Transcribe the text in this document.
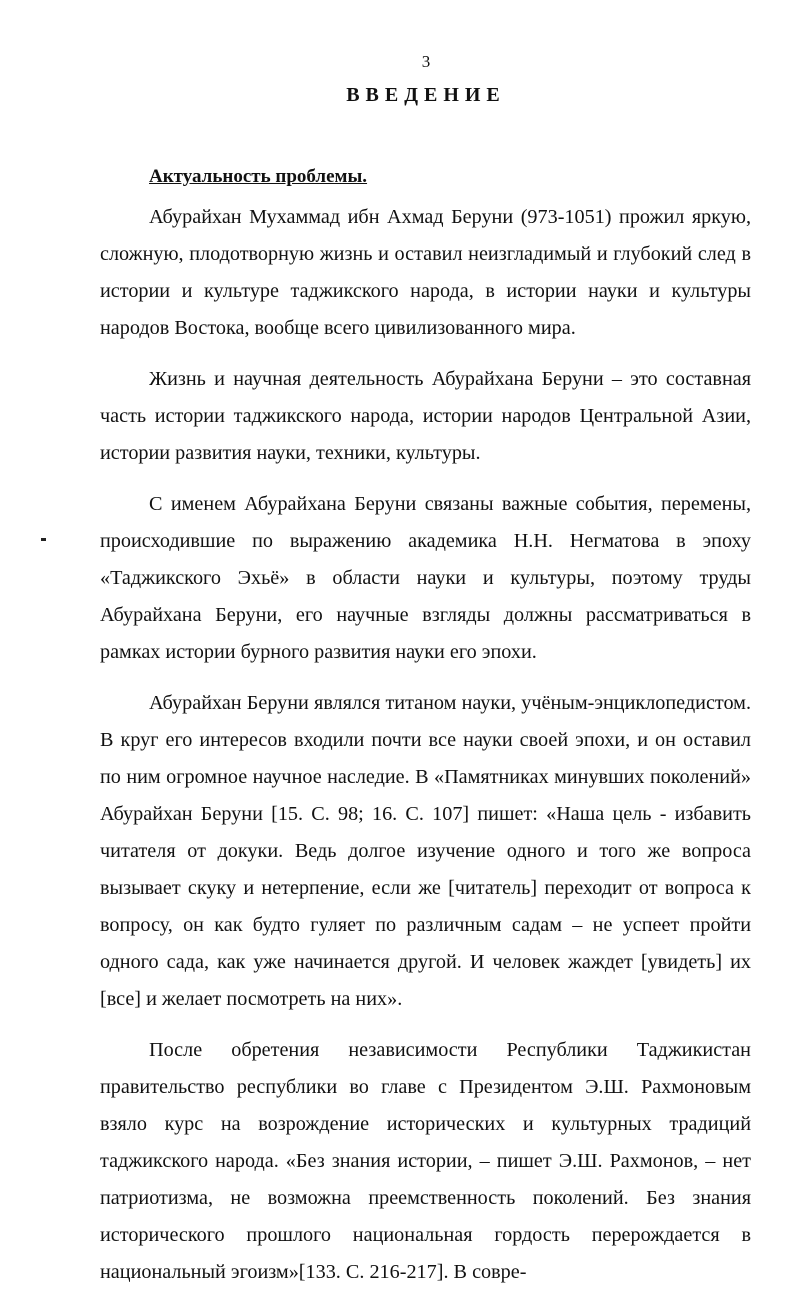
3
ВВЕДЕНИЕ
Актуальность проблемы.

Абурайхан Мухаммад ибн Ахмад Беруни (973-1051) прожил яркую, сложную, плодотворную жизнь и оставил неизгладимый и глубокий след в истории и культуре таджикского народа, в истории науки и культуры народов Востока, вообще всего цивилизованного мира.

Жизнь и научная деятельность Абурайхана Беруни – это составная часть истории таджикского народа, истории народов Центральной Азии, истории развития науки, техники, культуры.

С именем Абурайхана Беруни связаны важные события, перемены, происходившие по выражению академика Н.Н. Негматова в эпоху «Таджикского Эхьё» в области науки и культуры, поэтому труды Абурайхана Беруни, его научные взгляды должны рассматриваться в рамках истории бурного развития науки его эпохи.

Абурайхан Беруни являлся титаном науки, учёным-энциклопедистом. В круг его интересов входили почти все науки своей эпохи, и он оставил по ним огромное научное наследие. В «Памятниках минувших поколений» Абурайхан Беруни [15. С. 98; 16. С. 107] пишет: «Наша цель - избавить читателя от докуки. Ведь долгое изучение одного и того же вопроса вызывает скуку и нетерпение, если же [читатель] переходит от вопроса к вопросу, он как будто гуляет по различным садам – не успеет пройти одного сада, как уже начинается другой. И человек жаждет [увидеть] их [все] и желает посмотреть на них».

После обретения независимости Республики Таджикистан правительство республики во главе с Президентом Э.Ш. Рахмоновым взяло курс на возрождение исторических и культурных традиций таджикского народа. «Без знания истории, – пишет Э.Ш. Рахмонов, – нет патриотизма, не возможна преемственность поколений. Без знания исторического прошлого национальная гордость перерождается в национальный эгоизм»[133. С. 216-217]. В совре-
